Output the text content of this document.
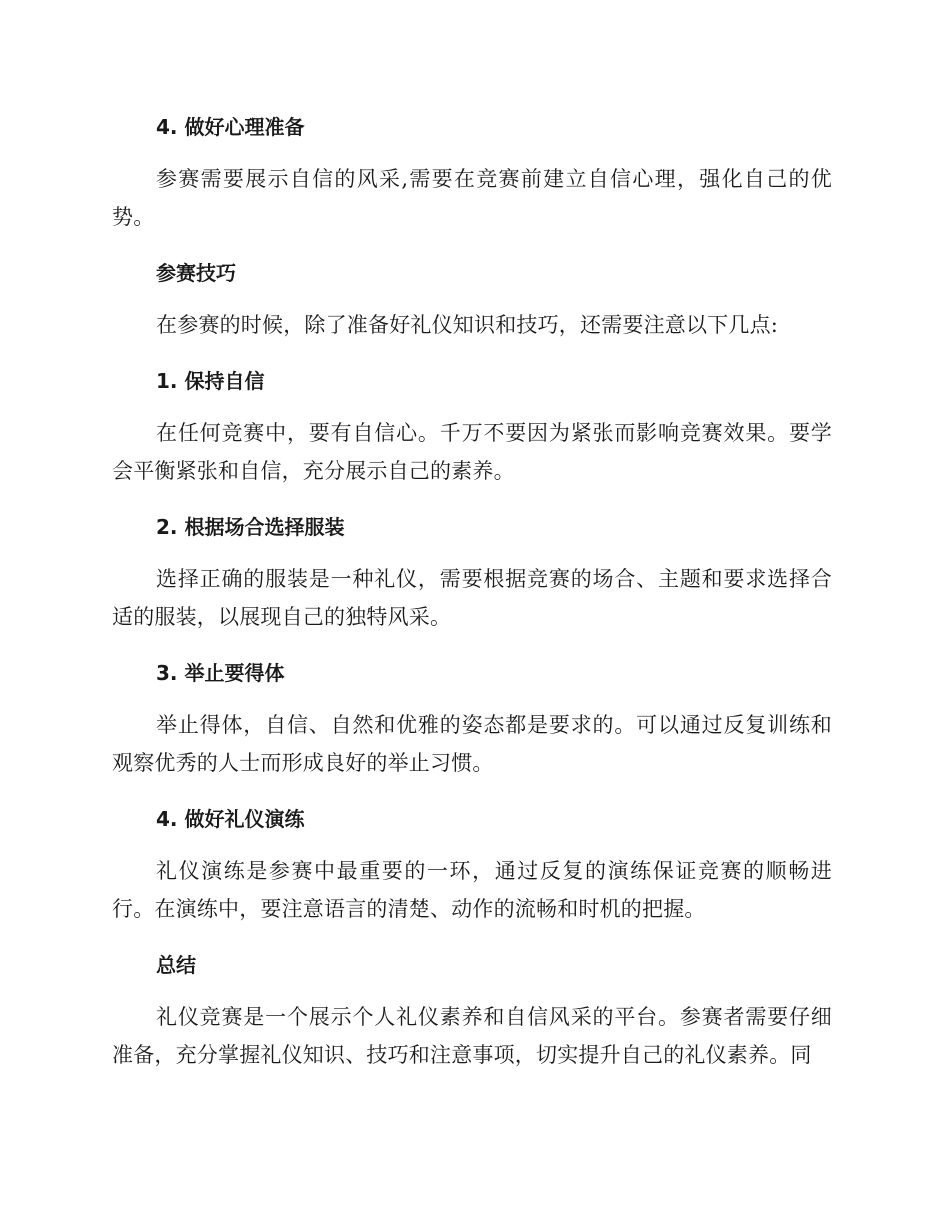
4. 做好心理准备

参赛需要展示自信的风采,需要在竞赛前建立自信心理，强化自己的优势。

参赛技巧

在参赛的时候，除了准备好礼仪知识和技巧，还需要注意以下几点:

1. 保持自信

在任何竞赛中，要有自信心。千万不要因为紧张而影响竞赛效果。要学会平衡紧张和自信，充分展示自己的素养。

2. 根据场合选择服装

选择正确的服装是一种礼仪，需要根据竞赛的场合、主题和要求选择合适的服装，以展现自己的独特风采。

3. 举止要得体

举止得体，自信、自然和优雅的姿态都是要求的。可以通过反复训练和观察优秀的人士而形成良好的举止习惯。

4. 做好礼仪演练

礼仪演练是参赛中最重要的一环，通过反复的演练保证竞赛的顺畅进行。在演练中，要注意语言的清楚、动作的流畅和时机的把握。

总结

礼仪竞赛是一个展示个人礼仪素养和自信风采的平台。参赛者需要仔细准备，充分掌握礼仪知识、技巧和注意事项，切实提升自己的礼仪素养。同
